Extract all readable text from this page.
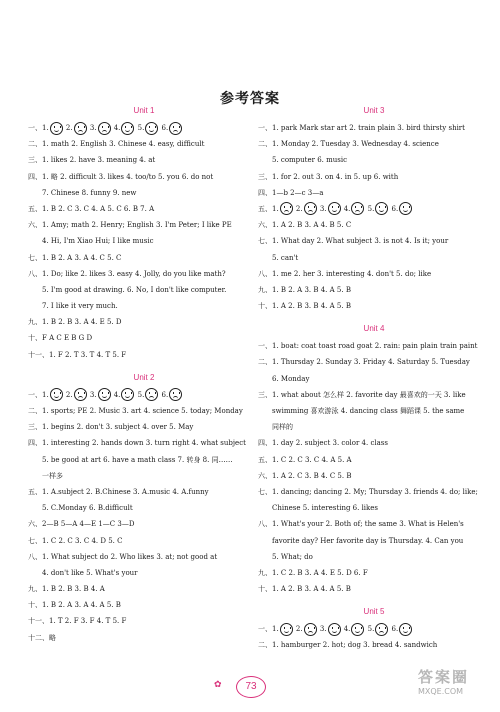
参考答案
Unit 1
一、1.
2.
3.
4.
5.
6.
二、1. math 2. English 3. Chinese 4. easy, difficult
三、1. likes 2. have 3. meaning 4. at
四、1. 略 2. difficult 3. likes 4. too/to 5. you 6. do not
7. Chinese 8. funny 9. new
五、1. B 2. C 3. C 4. A 5. C 6. B 7. A
六、1. Amy; math 2. Henry; English 3. I'm Peter; I like PE
4. Hi, I'm Xiao Hui; I like music
七、1. B 2. A 3. A 4. C 5. C
八、1. Do; like 2. likes 3. easy 4. Jolly, do you like math?
5. I'm good at drawing. 6. No, I don't like computer.
7. I like it very much.
九、1. B 2. B 3. A 4. E 5. D
十、F A C E B G D
十一、1. F 2. T 3. T 4. T 5. F
Unit 2
一、1.
2.
3.
4.
5.
6.
二、1. sports; PE 2. Music 3. art 4. science 5. today; Monday
三、1. begins 2. don't 3. subject 4. over 5. May
四、1. interesting 2. hands down 3. turn right 4. what subject
5. be good at art 6. have a math class 7. 转身 8. 同……
一样多
五、1. A.subject 2. B.Chinese 3. A.music 4. A.funny
5. C.Monday 6. B.difficult
六、2—B 5—A 4—E 1—C 3—D
七、1. C 2. C 3. C 4. D 5. C
八、1. What subject do 2. Who likes 3. at; not good at
4. don't like 5. What's your
九、1. B 2. B 3. B 4. A
十、1. B 2. A 3. A 4. A 5. B
十一、1. T 2. F 3. F 4. T 5. F
十二、略
Unit 3
一、1. park Mark star art 2. train plain 3. bird thirsty shirt
二、1. Monday 2. Tuesday 3. Wednesday 4. science
5. computer 6. music
三、1. for 2. out 3. on 4. in 5. up 6. with
四、1—b 2—c 3—a
五、1.
2.
3.
4.
5.
6.
六、1. A 2. B 3. A 4. B 5. C
七、1. What day 2. What subject 3. is not 4. Is it; your
5. can't
八、1. me 2. her 3. interesting 4. don't 5. do; like
九、1. B 2. A 3. B 4. A 5. B
十、1. A 2. B 3. B 4. A 5. B
Unit 4
一、1. boat: coat toast road goat 2. rain: pain plain train paint
二、1. Thursday 2. Sunday 3. Friday 4. Saturday 5. Tuesday
6. Monday
三、1. what about 怎么样 2. favorite day 最喜欢的一天 3. like
swimming 喜欢游泳 4. dancing class 舞蹈课 5. the same
同样的
四、1. day 2. subject 3. color 4. class
五、1. C 2. C 3. C 4. A 5. A
六、1. A 2. C 3. B 4. C 5. B
七、1. dancing; dancing 2. My; Thursday 3. friends 4. do; like;
Chinese 5. interesting 6. likes
八、1. What's your 2. Both of; the same 3. What is Helen's
favorite day? Her favorite day is Thursday. 4. Can you
5. What; do
九、1. C 2. B 3. A 4. E 5. D 6. F
十、1. A 2. B 3. A 4. A 5. B
Unit 5
一、1.
2.
3.
4.
5.
6.
二、1. hamburger 2. hot; dog 3. bread 4. sandwich
✿	73
答案圈
MXQE.COM
